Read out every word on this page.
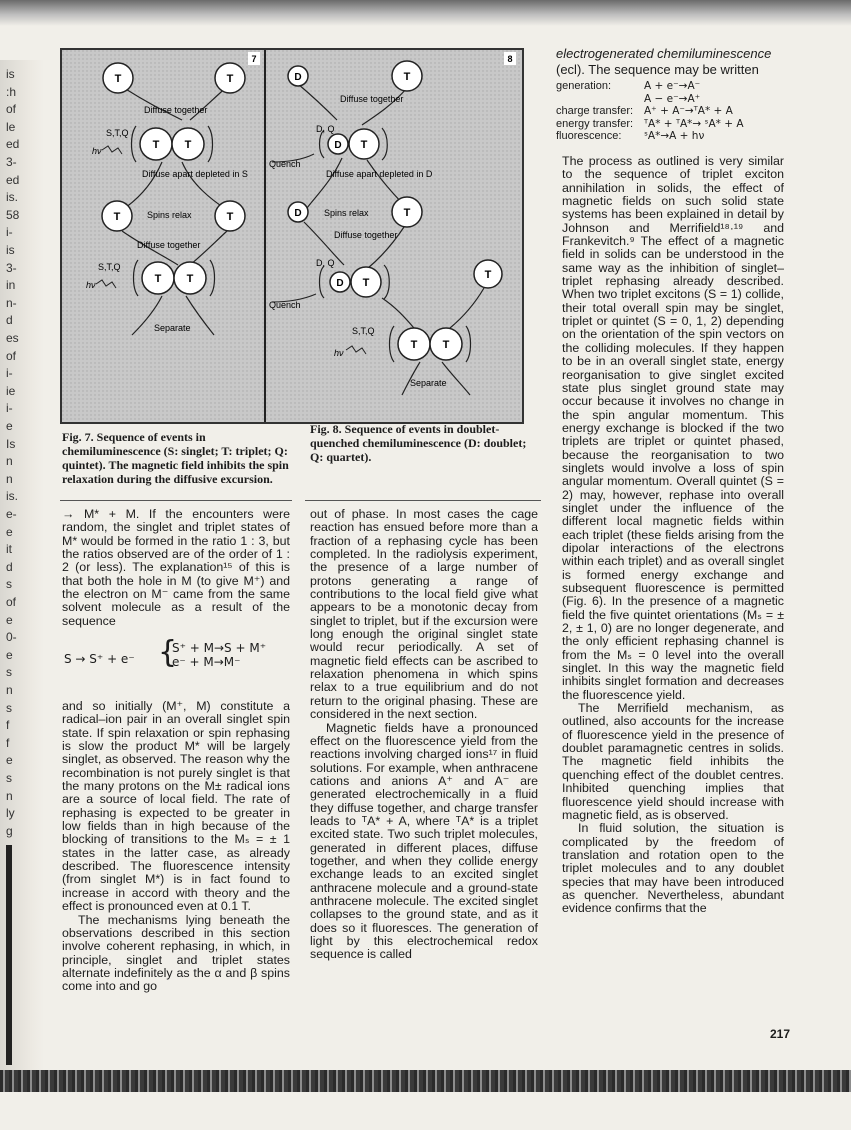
is
:h
of
le
ed
3-
ed
is.
58
i-
is
3-
in
n-
d
es
of
i-
ie
i-
e
Is
n
n
is.
e-
e
it
d
s
of
e
0-
e
s
n
s
f
f
e
s
n
ly
g
7
T	T
Diffuse together
T T
S,T,Q
hν
Diffuse apart depleted in S
T	T
Spins relax
Diffuse together
T T
S,T,Q
hν
Separate
8
D	T
Diffuse together
D T
D, Q
Quench
Diffuse apart depleted in D
D	T
Spins relax
Diffuse together
D T
D, Q
Quench
T
T T
S,T,Q
hν
Separate
Fig. 7. Sequence of events in chemiluminescence (S: singlet; T: triplet; Q: quintet). The magnetic field inhibits the spin relaxation during the diffusive excursion.
Fig. 8. Sequence of events in doublet-quenched chemiluminescence (D: doublet; Q: quartet).
electrogenerated chemiluminescence
(ecl). The sequence may be written
generation:	A + e⁻→A⁻
A − e⁻→A⁺
charge transfer:	A⁺ + A⁻→ᵀA* + A
energy transfer:	ᵀA* + ᵀA*→ ˢA* + A
fluorescence:	ˢA*→A + hν

→ M* + M. If the encounters were random, the singlet and triplet states of M* would be formed in the ratio 1 : 3, but the ratios observed are of the order of 1 : 2 (or less). The explanation¹⁵ of this is that both the hole in M (to give M⁺) and the electron on M⁻ came from the same solvent molecule as a result of the sequence

S → S⁺ + e⁻ {
S⁺ + M→S + M⁺
e⁻ + M→M⁻

and so initially (M⁺, M) constitute a radical–ion pair in an overall singlet spin state. If spin relaxation or spin rephasing is slow the product M* will be largely singlet, as observed. The reason why the recombination is not purely singlet is that the many protons on the M± radical ions are a source of local field. The rate of rephasing is expected to be greater in low fields than in high because of the blocking of transitions to the Mₛ = ± 1 states in the latter case, as already described. The fluorescence intensity (from singlet M*) is in fact found to increase in accord with theory and the effect is pronounced even at 0.1 T.

The mechanisms lying beneath the observations described in this section involve coherent rephasing, in which, in principle, singlet and triplet states alternate indefinitely as the α and β spins come into and go

out of phase. In most cases the cage reaction has ensued before more than a fraction of a rephasing cycle has been completed. In the radiolysis experiment, the presence of a large number of protons generating a range of contributions to the local field give what appears to be a monotonic decay from singlet to triplet, but if the excursion were long enough the original singlet state would recur periodically. A set of magnetic field effects can be ascribed to relaxation phenomena in which spins relax to a true equilibrium and do not return to the original phasing. These are considered in the next section.

Magnetic fields have a pronounced effect on the fluorescence yield from the reactions involving charged ions¹⁷ in fluid solutions. For example, when anthracene cations and anions A⁺ and A⁻ are generated electrochemically in a fluid they diffuse together, and charge transfer leads to ᵀA* + A, where ᵀA* is a triplet excited state. Two such triplet molecules, generated in different places, diffuse together, and when they collide energy exchange leads to an excited singlet anthracene molecule and a ground-state anthracene molecule. The excited singlet collapses to the ground state, and as it does so it fluoresces. The generation of light by this electrochemical redox sequence is called

The process as outlined is very similar to the sequence of triplet exciton annihilation in solids, the effect of magnetic fields on such solid state systems has been explained in detail by Johnson and Merrifield¹⁸·¹⁹ and Frankevitch.⁹ The effect of a magnetic field in solids can be understood in the same way as the inhibition of singlet–triplet rephasing already described. When two triplet excitons (S = 1) collide, their total overall spin may be singlet, triplet or quintet (S = 0, 1, 2) depending on the orientation of the spin vectors on the colliding molecules. If they happen to be in an overall singlet state, energy reorganisation to give singlet excited state plus singlet ground state may occur because it involves no change in the spin angular momentum. This energy exchange is blocked if the two triplets are triplet or quintet phased, because the reorganisation to two singlets would involve a loss of spin angular momentum. Overall quintet (S = 2) may, however, rephase into overall singlet under the influence of the different local magnetic fields within each triplet (these fields arising from the dipolar interactions of the electrons within each triplet) and as overall singlet is formed energy exchange and subsequent fluorescence is permitted (Fig. 6). In the presence of a magnetic field the five quintet orientations (Mₛ = ± 2, ± 1, 0) are no longer degenerate, and the only efficient rephasing channel is from the Mₛ = 0 level into the overall singlet. In this way the magnetic field inhibits singlet formation and decreases the fluorescence yield.

The Merrifield mechanism, as outlined, also accounts for the increase of fluorescence yield in the presence of doublet paramagnetic centres in solids. The magnetic field inhibits the quenching effect of the doublet centres. Inhibited quenching implies that fluorescence yield should increase with magnetic field, as is observed.

In fluid solution, the situation is complicated by the freedom of translation and rotation open to the triplet molecules and to any doublet species that may have been introduced as quencher. Nevertheless, abundant evidence confirms that the

217
